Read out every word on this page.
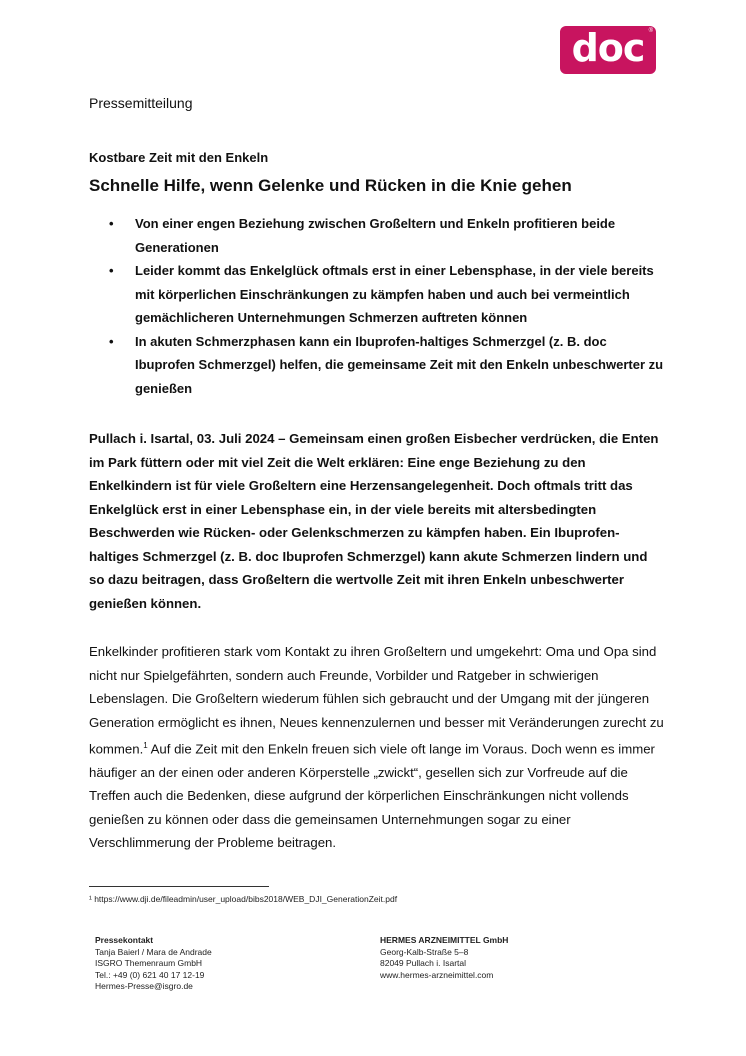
doc ®
Pressemitteilung
Kostbare Zeit mit den Enkeln
Schnelle Hilfe, wenn Gelenke und Rücken in die Knie gehen
• Von einer engen Beziehung zwischen Großeltern und Enkeln profitieren beide Generationen
• Leider kommt das Enkelglück oftmals erst in einer Lebensphase, in der viele bereits mit körperlichen Einschränkungen zu kämpfen haben und auch bei vermeintlich gemächlicheren Unternehmungen Schmerzen auftreten können
• In akuten Schmerzphasen kann ein Ibuprofen-haltiges Schmerzgel (z. B. doc Ibuprofen Schmerzgel) helfen, die gemeinsame Zeit mit den Enkeln unbeschwerter zu genießen

Pullach i. Isartal, 03. Juli 2024 – Gemeinsam einen großen Eisbecher verdrücken, die Enten im Park füttern oder mit viel Zeit die Welt erklären: Eine enge Beziehung zu den Enkelkindern ist für viele Großeltern eine Herzensangelegenheit. Doch oftmals tritt das Enkelglück erst in einer Lebensphase ein, in der viele bereits mit altersbedingten Beschwerden wie Rücken- oder Gelenkschmerzen zu kämpfen haben. Ein Ibuprofen-haltiges Schmerzgel (z. B. doc Ibuprofen Schmerzgel) kann akute Schmerzen lindern und so dazu beitragen, dass Großeltern die wertvolle Zeit mit ihren Enkeln unbeschwerter genießen können.

Enkelkinder profitieren stark vom Kontakt zu ihren Großeltern und umgekehrt: Oma und Opa sind nicht nur Spielgefährten, sondern auch Freunde, Vorbilder und Ratgeber in schwierigen Lebenslagen. Die Großeltern wiederum fühlen sich gebraucht und der Umgang mit der jüngeren Generation ermöglicht es ihnen, Neues kennenzulernen und besser mit Veränderungen zurecht zu kommen.$^1$ Auf die Zeit mit den Enkeln freuen sich viele oft lange im Voraus. Doch wenn es immer häufiger an der einen oder anderen Körperstelle „zwickt“, gesellen sich zur Vorfreude auf die Treffen auch die Bedenken, diese aufgrund der körperlichen Einschränkungen nicht vollends genießen zu können oder dass die gemeinsamen Unternehmungen sogar zu einer Verschlimmerung der Probleme beitragen.

¹ https://www.dji.de/fileadmin/user_upload/bibs2018/WEB_DJI_GenerationZeit.pdf
Pressekontakt
Tanja Baierl / Mara de Andrade
ISGRO Themenraum GmbH
Tel.: +49 (0) 621 40 17 12-19
Hermes-Presse@isgro.de
HERMES ARZNEIMITTEL GmbH
Georg-Kalb-Straße 5–8
82049 Pullach i. Isartal
www.hermes-arzneimittel.com
